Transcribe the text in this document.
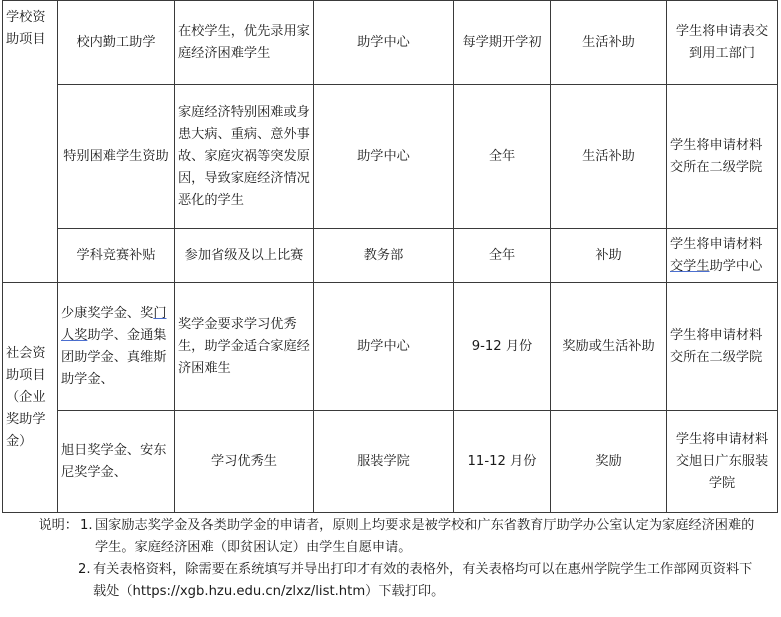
学校资助项目	校内勤工助学	在校学生，优先录用家庭经济困难学生	助学中心	每学期开学初	生活补助	学生将申请表交到用工部门
	特别困难学生资助	家庭经济特别困难或身患大病、重病、意外事故、家庭灾祸等突发原因，导致家庭经济情况恶化的学生	助学中心	全年	生活补助	学生将申请材料交所在二级学院
	学科竞赛补贴	参加省级及以上比赛	教务部	全年	补助	学生将申请材料交学生助学中心
社会资助项目（企业奖助学金）	少康奖学金、奖门人奖助学、金通集团助学金、真维斯助学金、	奖学金要求学习优秀生，助学金适合家庭经济困难生	助学中心	9-12 月份	奖励或生活补助	学生将申请材料交所在二级学院
	旭日奖学金、安东尼奖学金、	学习优秀生	服装学院	11-12 月份	奖励	学生将申请材料交旭日广东服装学院
说明： 1. 国家励志奖学金及各类助学金的申请者，原则上均要求是被学校和广东省教育厅助学办公室认定为家庭经济困难的学生。家庭经济困难（即贫困认定）由学生自愿申请。
2. 有关表格资料，除需要在系统填写并导出打印才有效的表格外，有关表格均可以在惠州学院学生工作部网页资料下载处（https://xgb.hzu.edu.cn/zlxz/list.htm）下载打印。
